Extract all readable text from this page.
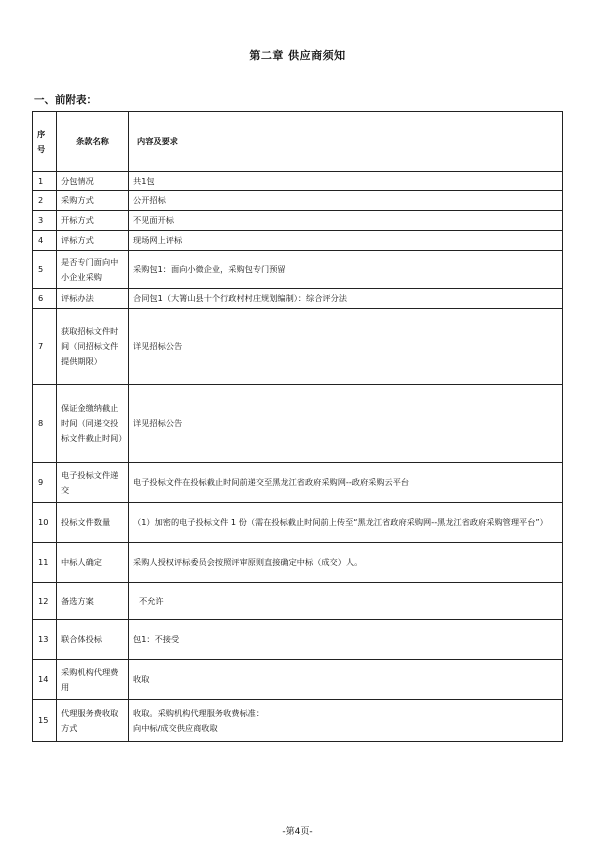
第二章 供应商须知
一、前附表：
序号	条款名称	内容及要求
1	分包情况	共1包
2	采购方式	公开招标
3	开标方式	不见面开标
4	评标方式	现场网上评标
5	是否专门面向中小企业采购	采购包1：面向小微企业，采购包专门预留
6	评标办法	合同包1（大箐山县十个行政村村庄规划编制）：综合评分法
7	获取招标文件时间（同招标文件提供期限）	详见招标公告
8	保证金缴纳截止时间（同递交投标文件截止时间）	详见招标公告
9	电子投标文件递交	电子投标文件在投标截止时间前递交至黑龙江省政府采购网--政府采购云平台
10	投标文件数量	（1）加密的电子投标文件 1 份（需在投标截止时间前上传至“黑龙江省政府采购网--黑龙江省政府采购管理平台”）
11	中标人确定	采购人授权评标委员会按照评审原则直接确定中标（成交）人。
12	备选方案	不允许
13	联合体投标	包1：不接受
14	采购机构代理费用	收取
15	代理服务费收取方式	收取。采购机构代理服务收费标准：
向中标/成交供应商收取
-第4页-
